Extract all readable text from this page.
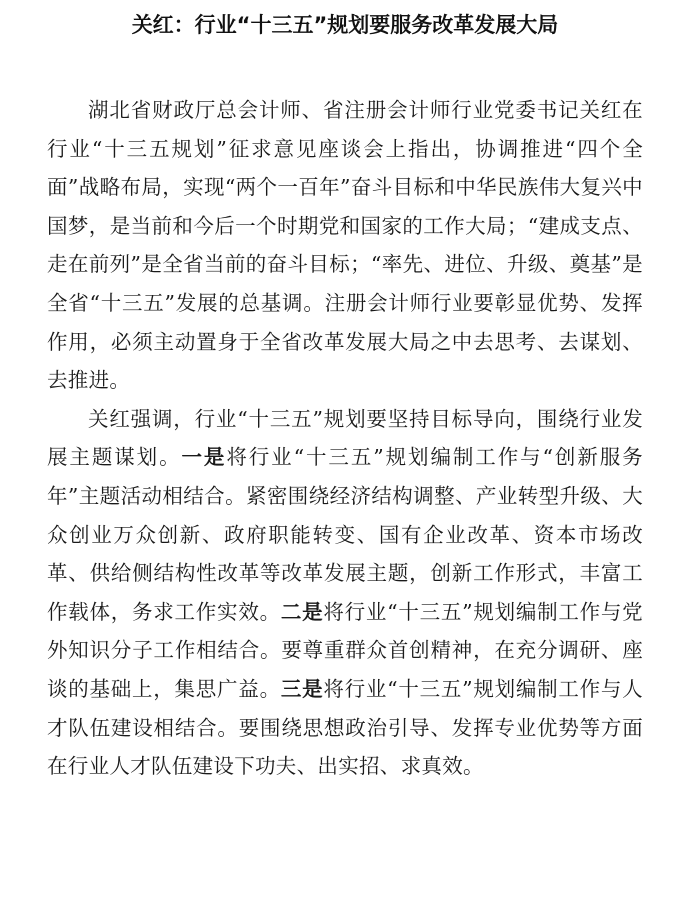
关红：行业“十三五”规划要服务改革发展大局

湖北省财政厅总会计师、省注册会计师行业党委书记关红在行业“十三五规划”征求意见座谈会上指出，协调推进“四个全面”战略布局，实现“两个一百年”奋斗目标和中华民族伟大复兴中国梦，是当前和今后一个时期党和国家的工作大局；“建成支点、走在前列”是全省当前的奋斗目标；“率先、进位、升级、奠基”是全省“十三五”发展的总基调。注册会计师行业要彰显优势、发挥作用，必须主动置身于全省改革发展大局之中去思考、去谋划、去推进。

关红强调，行业“十三五”规划要坚持目标导向，围绕行业发展主题谋划。一是将行业“十三五”规划编制工作与“创新服务年”主题活动相结合。紧密围绕经济结构调整、产业转型升级、大众创业万众创新、政府职能转变、国有企业改革、资本市场改革、供给侧结构性改革等改革发展主题，创新工作形式，丰富工作载体，务求工作实效。二是将行业“十三五”规划编制工作与党外知识分子工作相结合。要尊重群众首创精神，在充分调研、座谈的基础上，集思广益。三是将行业“十三五”规划编制工作与人才队伍建设相结合。要围绕思想政治引导、发挥专业优势等方面在行业人才队伍建设下功夫、出实招、求真效。
